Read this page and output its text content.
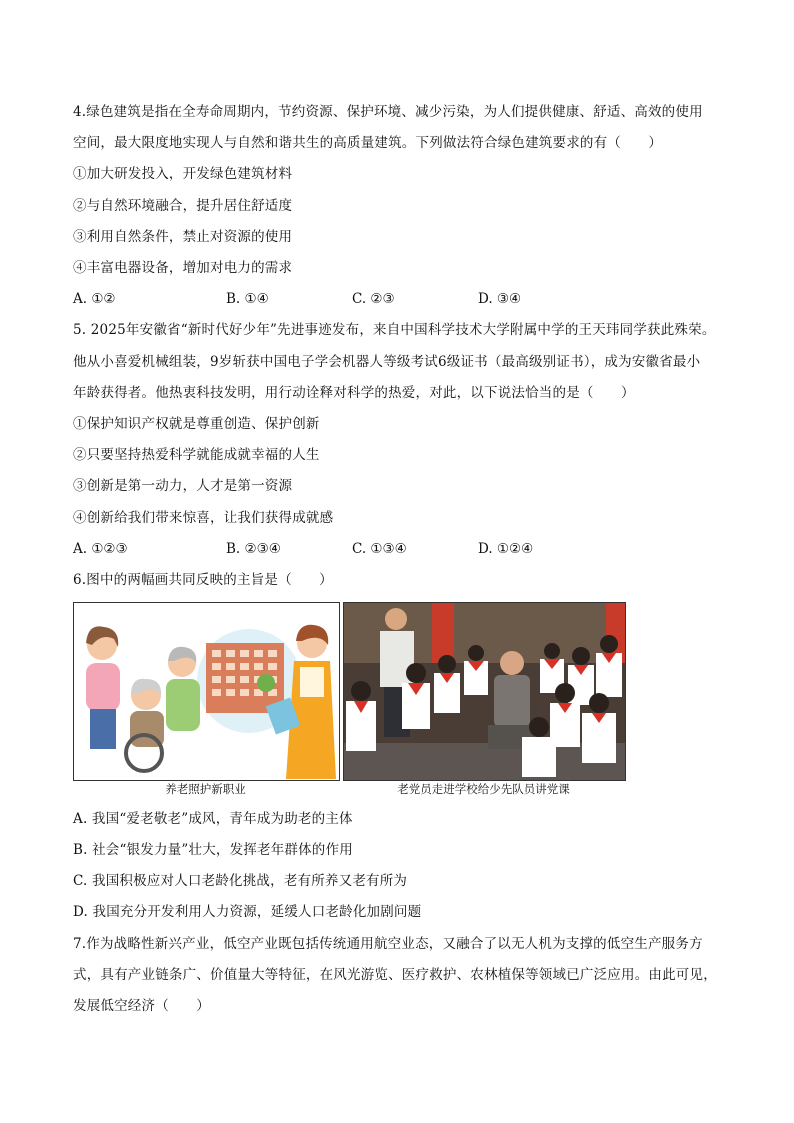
4.绿色建筑是指在全寿命周期内，节约资源、保护环境、减少污染，为人们提供健康、舒适、高效的使用
空间，最大限度地实现人与自然和谐共生的高质量建筑。下列做法符合绿色建筑要求的有（　　）
①加大研发投入，开发绿色建筑材料
②与自然环境融合，提升居住舒适度
③利用自然条件，禁止对资源的使用
④丰富电器设备，增加对电力的需求
A. ①②	B. ①④	C. ②③	D. ③④
5. 2025年安徽省“新时代好少年”先进事迹发布，来自中国科学技术大学附属中学的王天玮同学获此殊荣。
他从小喜爱机械组装，9岁斩获中国电子学会机器人等级考试6级证书（最高级别证书），成为安徽省最小
年龄获得者。他热衷科技发明，用行动诠释对科学的热爱，对此，以下说法恰当的是（　　）
①保护知识产权就是尊重创造、保护创新
②只要坚持热爱科学就能成就幸福的人生
③创新是第一动力，人才是第一资源
④创新给我们带来惊喜，让我们获得成就感
A. ①②③	B. ②③④	C. ①③④	D. ①②④
6.图中的两幅画共同反映的主旨是（　　）
养老照护新职业	老党员走进学校给少先队员讲党课
A. 我国“爱老敬老”成风，青年成为助老的主体
B. 社会“银发力量”壮大，发挥老年群体的作用
C. 我国积极应对人口老龄化挑战，老有所养又老有所为
D. 我国充分开发利用人力资源，延缓人口老龄化加剧问题
7.作为战略性新兴产业，低空产业既包括传统通用航空业态，又融合了以无人机为支撑的低空生产服务方
式，具有产业链条广、价值量大等特征，在风光游览、医疗救护、农林植保等领域已广泛应用。由此可见，
发展低空经济（　　）
